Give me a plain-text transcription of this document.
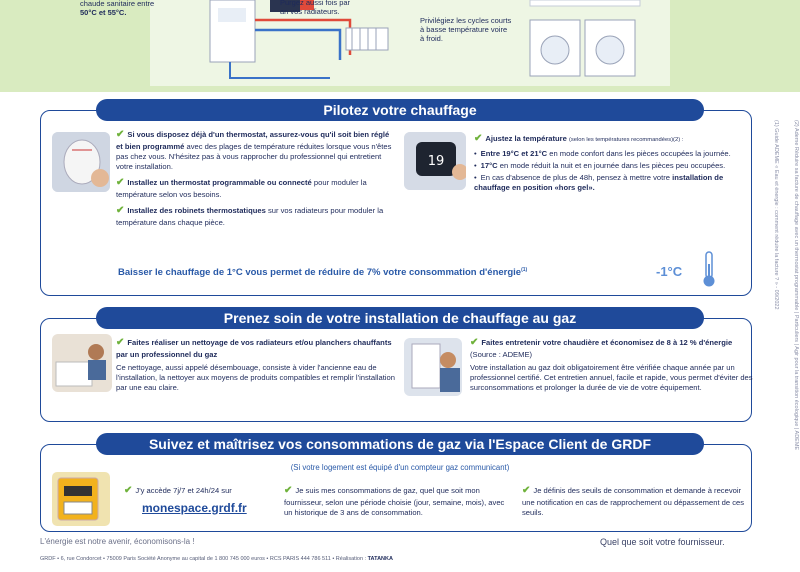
chaude sanitaire entre
50°C et 55°C.
Purgez aussi fois par
an vos radiateurs.
Privilégiez les cycles courts
à basse température voire
à froid.
Pilotez votre chauffage
✔ Si vous disposez déjà d'un thermostat, assurez-vous qu'il soit bien réglé et bien programmé avec des plages de température réduites lorsque vous n'êtes pas chez vous. N'hésitez pas à vous rapprocher du professionnel qui entretient votre installation.
✔ Installez un thermostat programmable ou connecté pour moduler la température selon vos besoins.
✔ Installez des robinets thermostatiques sur vos radiateurs pour moduler la température dans chaque pièce.
19
✔ Ajustez la température (selon les températures recommandées)(2) :
• Entre 19°C et 21°C en mode confort dans les pièces occupées la journée.
• 17°C en mode réduit la nuit et en journée dans les pièces peu occupées.
• En cas d'absence de plus de 48h, pensez à mettre votre installation de chauffage en position «hors gel».
Baisser le chauffage de 1°C vous permet de réduire de 7% votre consommation d'énergie$^{(1)}$	-1°C
Prenez soin de votre installation de chauffage au gaz
✔ Faites réaliser un nettoyage de vos radiateurs et/ou planchers chauffants par un professionnel du gaz
Ce nettoyage, aussi appelé désembouage, consiste à vider l'ancienne eau de l'installation, la nettoyer aux moyens de produits compatibles et remplir l'installation par une eau claire.
✔ Faites entretenir votre chaudière et économisez de 8 à 12 % d'énergie (Source : ADEME)
Votre installation au gaz doit obligatoirement être vérifiée chaque année par un professionnel certifié. Cet entretien annuel, facile et rapide, vous permet d'éviter des surconsommations et prolonger la durée de vie de votre équipement.
Suivez et maîtrisez vos consommations de gaz via l'Espace Client de GRDF
(Si votre logement est équipé d'un compteur gaz communicant)
✔ J'y accède 7j/7 et 24h/24 sur
monespace.grdf.fr
✔ Je suis mes consommations de gaz, quel que soit mon fournisseur, selon une période choisie (jour, semaine, mois), avec un historique de 3 ans de consommation.
✔ Je définis des seuils de consommation et demande à recevoir une notification en cas de rapprochement ou dépassement de ces seuils.
L'énergie est notre avenir, économisons-la !	Quel que soit votre fournisseur.
GRDF • 6, rue Condorcet • 75009 Paris Société Anonyme au capital de 1 800 745 000 euros • RCS PARIS 444 786 511 • Réalisation : TATANKA
(1) Guide ADEME « Eau et énergie : comment réduire la facture ? » - 09/2022	(2) Ademe Réduire sa facture de chauffage avec un thermostat programmable | Particuliers | Agir pour la transition écologique | ADEME
